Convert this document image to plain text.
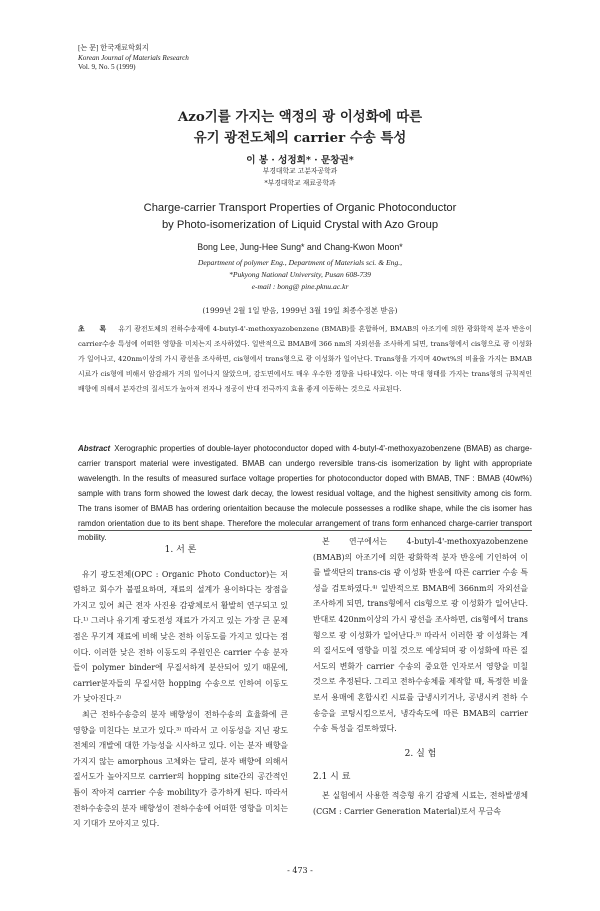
[논 문] 한국재료학회지
Korean Journal of Materials Research
Vol. 9, No. 5 (1999)
Azo기를 가지는 액정의 광 이성화에 따른
유기 광전도체의 carrier 수송 특성
이 봉 · 성정희* · 문창권*
부경대학교 고분자공학과
*부경대학교 재료공학과
Charge-carrier Transport Properties of Organic Photoconductor
by Photo-isomerization of Liquid Crystal with Azo Group
Bong Lee, Jung-Hee Sung* and Chang-Kwon Moon*
Department of polymer Eng., Department of Materials sci. & Eng.,
*Pukyong National University, Pusan 608-739
e-mail : bong@ pine.pknu.ac.kr
(1999년 2월 1일 받음, 1999년 3월 19일 최종수정본 받음)
초 록 유기 광전도체의 전하수송재에 4-butyl-4'-methoxyazobenzene (BMAB)를 혼합하여, BMAB의 아조기에 의한 광화학적 분자 반응이 carrier수송 특성에 어떠한 영향을 미치는지 조사하였다. 일반적으로 BMAB에 366 nm의 자외선을 조사하게 되면, trans형에서 cis형으로 광 이성화가 일어나고, 420nm이상의 가시 광선을 조사하면, cis형에서 trans형으로 광 이성화가 일어난다. Trans형을 가지며 40wt%의 비율을 가지는 BMAB시료가 cis형에 비해서 암감쇄가 거의 일어나지 않았으며, 감도면에서도 매우 우수한 경향을 나타내었다. 이는 막대 형태를 가지는 trans형의 규칙적인 배향에 의해서 분자간의 질서도가 높아져 전자나 정공이 반대 전극까지 효율 좋게 이동하는 것으로 사료된다.
Abstract Xerographic properties of double-layer photoconductor doped with 4-butyl-4'-methoxyazobenzene (BMAB) as charge-carrier transport material were investigated. BMAB can undergo reversible trans-cis isomerization by light with appropriate wavelength. In the results of measured surface voltage properties for photoconductor doped with BMAB, TNF : BMAB (40wt%) sample with trans form showed the lowest dark decay, the lowest residual voltage, and the highest sensitivity among cis form. The trans isomer of BMAB has ordering orientaition because the molecule possesses a rodlike shape, while the cis isomer has ramdon orientation due to its bent shape. Therefore the molecular arrangement of trans form enhanced charge-carrier transport mobility.

1. 서 론

유기 광도전체(OPC : Organic Photo Conductor)는 저렴하고 회수가 불필요하며, 재료의 설계가 용이하다는 장점을 가지고 있어 최근 전자 사진용 감광체로서 활발히 연구되고 있다.¹⁾ 그러나 유기계 광도전성 재료가 가지고 있는 가장 큰 문제점은 무기계 재료에 비해 낮은 전하 이동도를 가지고 있다는 점이다. 이러한 낮은 전하 이동도의 주원인은 carrier 수송 분자들이 polymer binder에 무질서하게 분산되어 있기 때문에, carrier분자들의 무질서한 hopping 수송으로 인하여 이동도가 낮아진다.²⁾

최근 전하수송층의 분자 배향성이 전하수송의 효율화에 큰 영향을 미친다는 보고가 있다.³⁾ 따라서 고 이동성을 지닌 광도전체의 개발에 대한 가능성을 시사하고 있다. 이는 분자 배향을 가지지 않는 amorphous 고체와는 달리, 분자 배향에 의해서 질서도가 높아지므로 carrier의 hopping site간의 공간적인 틈이 작아져 carrier 수송 mobility가 증가하게 된다. 따라서 전하수송층의 분자 배향성이 전하수송에 어떠한 영향을 미치는지 기대가 모아지고 있다.

본 연구에서는 4-butyl-4'-methoxyazobenzene (BMAB)의 아조기에 의한 광화학적 분자 반응에 기인하여 이를 발색단의 trans-cis 광 이성화 반응에 따른 carrier 수송 특성을 검토하였다.⁴⁾ 일반적으로 BMAB에 366nm의 자외선을 조사하게 되면, trans형에서 cis형으로 광 이성화가 일어난다. 반대로 420nm이상의 가시 광선을 조사하면, cis형에서 trans형으로 광 이성화가 일어난다.⁵⁾ 따라서 이러한 광 이성화는 계의 질서도에 영향을 미칠 것으로 예상되며 광 이성화에 따른 질서도의 변화가 carrier 수송의 중요한 인자로서 영향을 미칠 것으로 추정된다. 그리고 전하수송체를 제작할 때, 특정한 비율로서 용매에 혼합시킨 시료를 급냉시키거나, 공냉시켜 전하 수송층을 코팅시킴으로서, 냉각속도에 따른 BMAB의 carrier 수송 특성을 검토하였다.

2. 실 험

2.1 시 료

본 실험에서 사용한 적층형 유기 감광체 시료는, 전하발생체(CGM : Carrier Generation Material)로서 무금속

- 473 -
